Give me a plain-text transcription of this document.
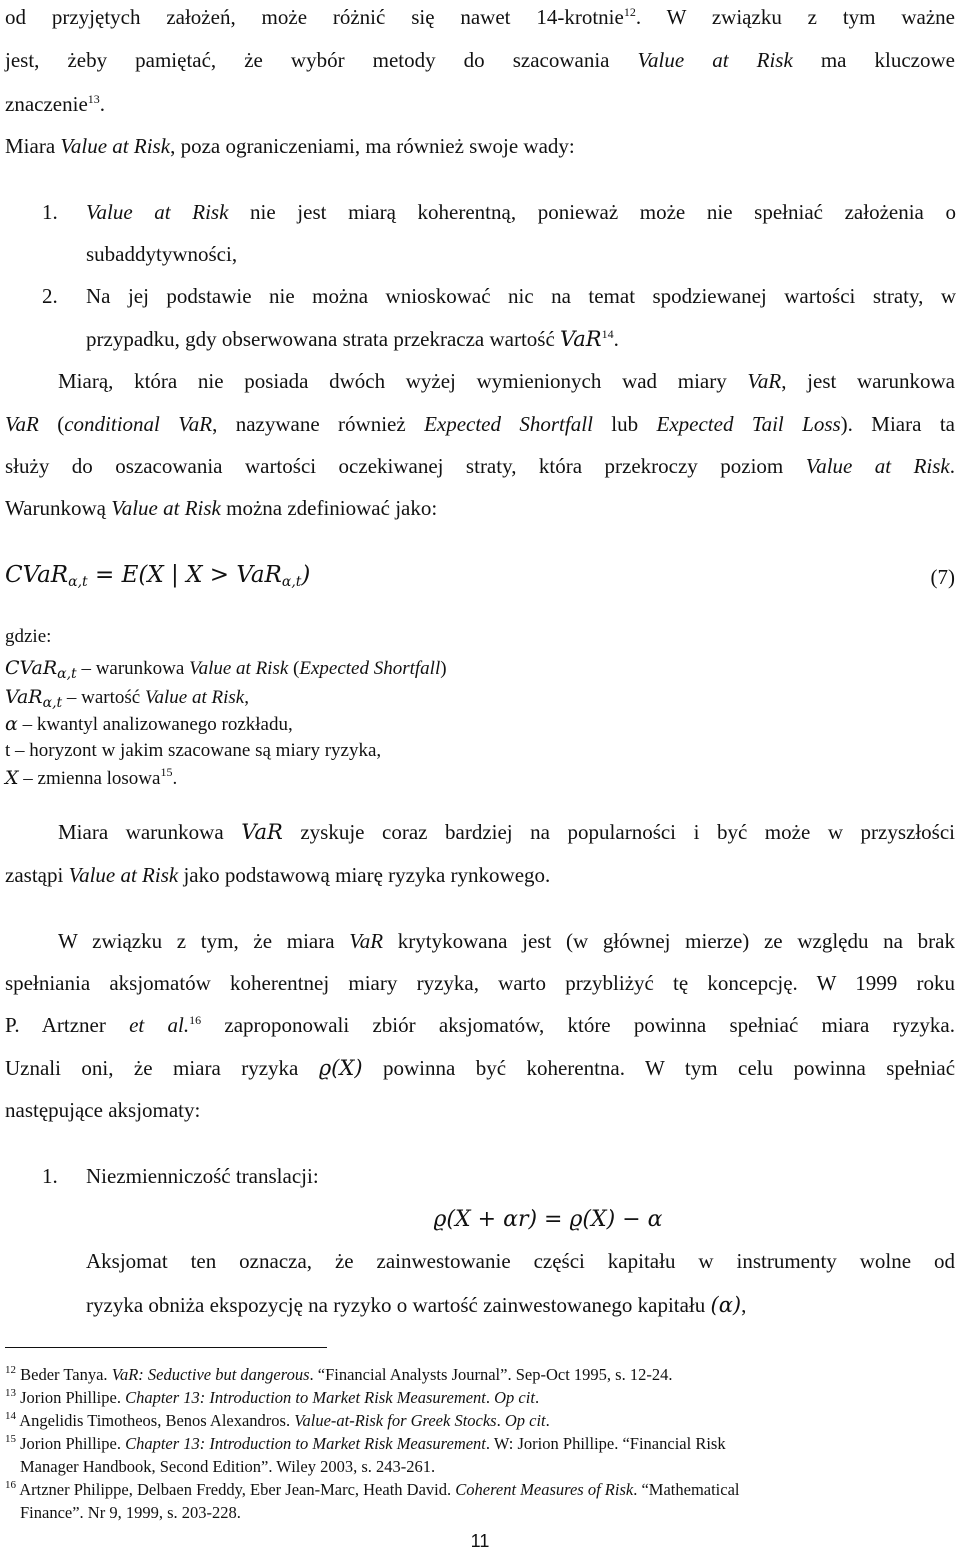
od przyjętych założeń, może różnić się nawet 14-krotnie$^{12}$. W związku z tym ważne
jest, żeby pamiętać, że wybór metody do szacowania Value at Risk ma kluczowe
znaczenie$^{13}$.
Miara Value at Risk, poza ograniczeniami, ma również swoje wady:
1.	Value at Risk nie jest miarą koherentną, ponieważ może nie spełniać założenia o
subaddytywności,
2.	Na jej podstawie nie można wnioskować nic na temat spodziewanej wartości straty, w
przypadku, gdy obserwowana strata przekracza wartość VaR$^{14}$.
Miarą, która nie posiada dwóch wyżej wymienionych wad miary VaR, jest warunkowa
VaR (conditional VaR, nazywane również Expected Shortfall lub Expected Tail Loss). Miara ta
służy do oszacowania wartości oczekiwanej straty, która przekroczy poziom Value at Risk.
Warunkową Value at Risk można zdefiniować jako:
CVaR$_{\alpha,t}$ = E(X | X > VaR$_{\alpha,t}$)	(7)
gdzie:
CVaR$_{\alpha,t}$ – warunkowa Value at Risk (Expected Shortfall)
VaR$_{\alpha,t}$ – wartość Value at Risk,
α – kwantyl analizowanego rozkładu,
t – horyzont w jakim szacowane są miary ryzyka,
X – zmienna losowa$^{15}$.
Miara warunkowa VaR zyskuje coraz bardziej na popularności i być może w przyszłości
zastąpi Value at Risk jako podstawową miarę ryzyka rynkowego.
W związku z tym, że miara VaR krytykowana jest (w głównej mierze) ze względu na brak
spełniania aksjomatów koherentnej miary ryzyka, warto przybliżyć tę koncepcję. W 1999 roku
P. Artzner et al.$^{16}$ zaproponowali zbiór aksjomatów, które powinna spełniać miara ryzyka.
Uznali oni, że miara ryzyka ϱ(X) powinna być koherentna. W tym celu powinna spełniać
następujące aksjomaty:
1.	Niezmienniczość translacji:
ϱ(X + αr) = ϱ(X) − α
Aksjomat ten oznacza, że zainwestowanie części kapitału w instrumenty wolne od
ryzyka obniża ekspozycję na ryzyko o wartość zainwestowanego kapitału (α),
$^{12}$ Beder Tanya. VaR: Seductive but dangerous. “Financial Analysts Journal”. Sep-Oct 1995, s. 12-24.
$^{13}$ Jorion Phillipe. Chapter 13: Introduction to Market Risk Measurement. Op cit.
$^{14}$ Angelidis Timotheos, Benos Alexandros. Value-at-Risk for Greek Stocks. Op cit.
$^{15}$ Jorion Phillipe. Chapter 13: Introduction to Market Risk Measurement. W: Jorion Phillipe. “Financial Risk
Manager Handbook, Second Edition”. Wiley 2003, s. 243-261.
$^{16}$ Artzner Philippe, Delbaen Freddy, Eber Jean-Marc, Heath David. Coherent Measures of Risk. “Mathematical
Finance”. Nr 9, 1999, s. 203-228.
11
